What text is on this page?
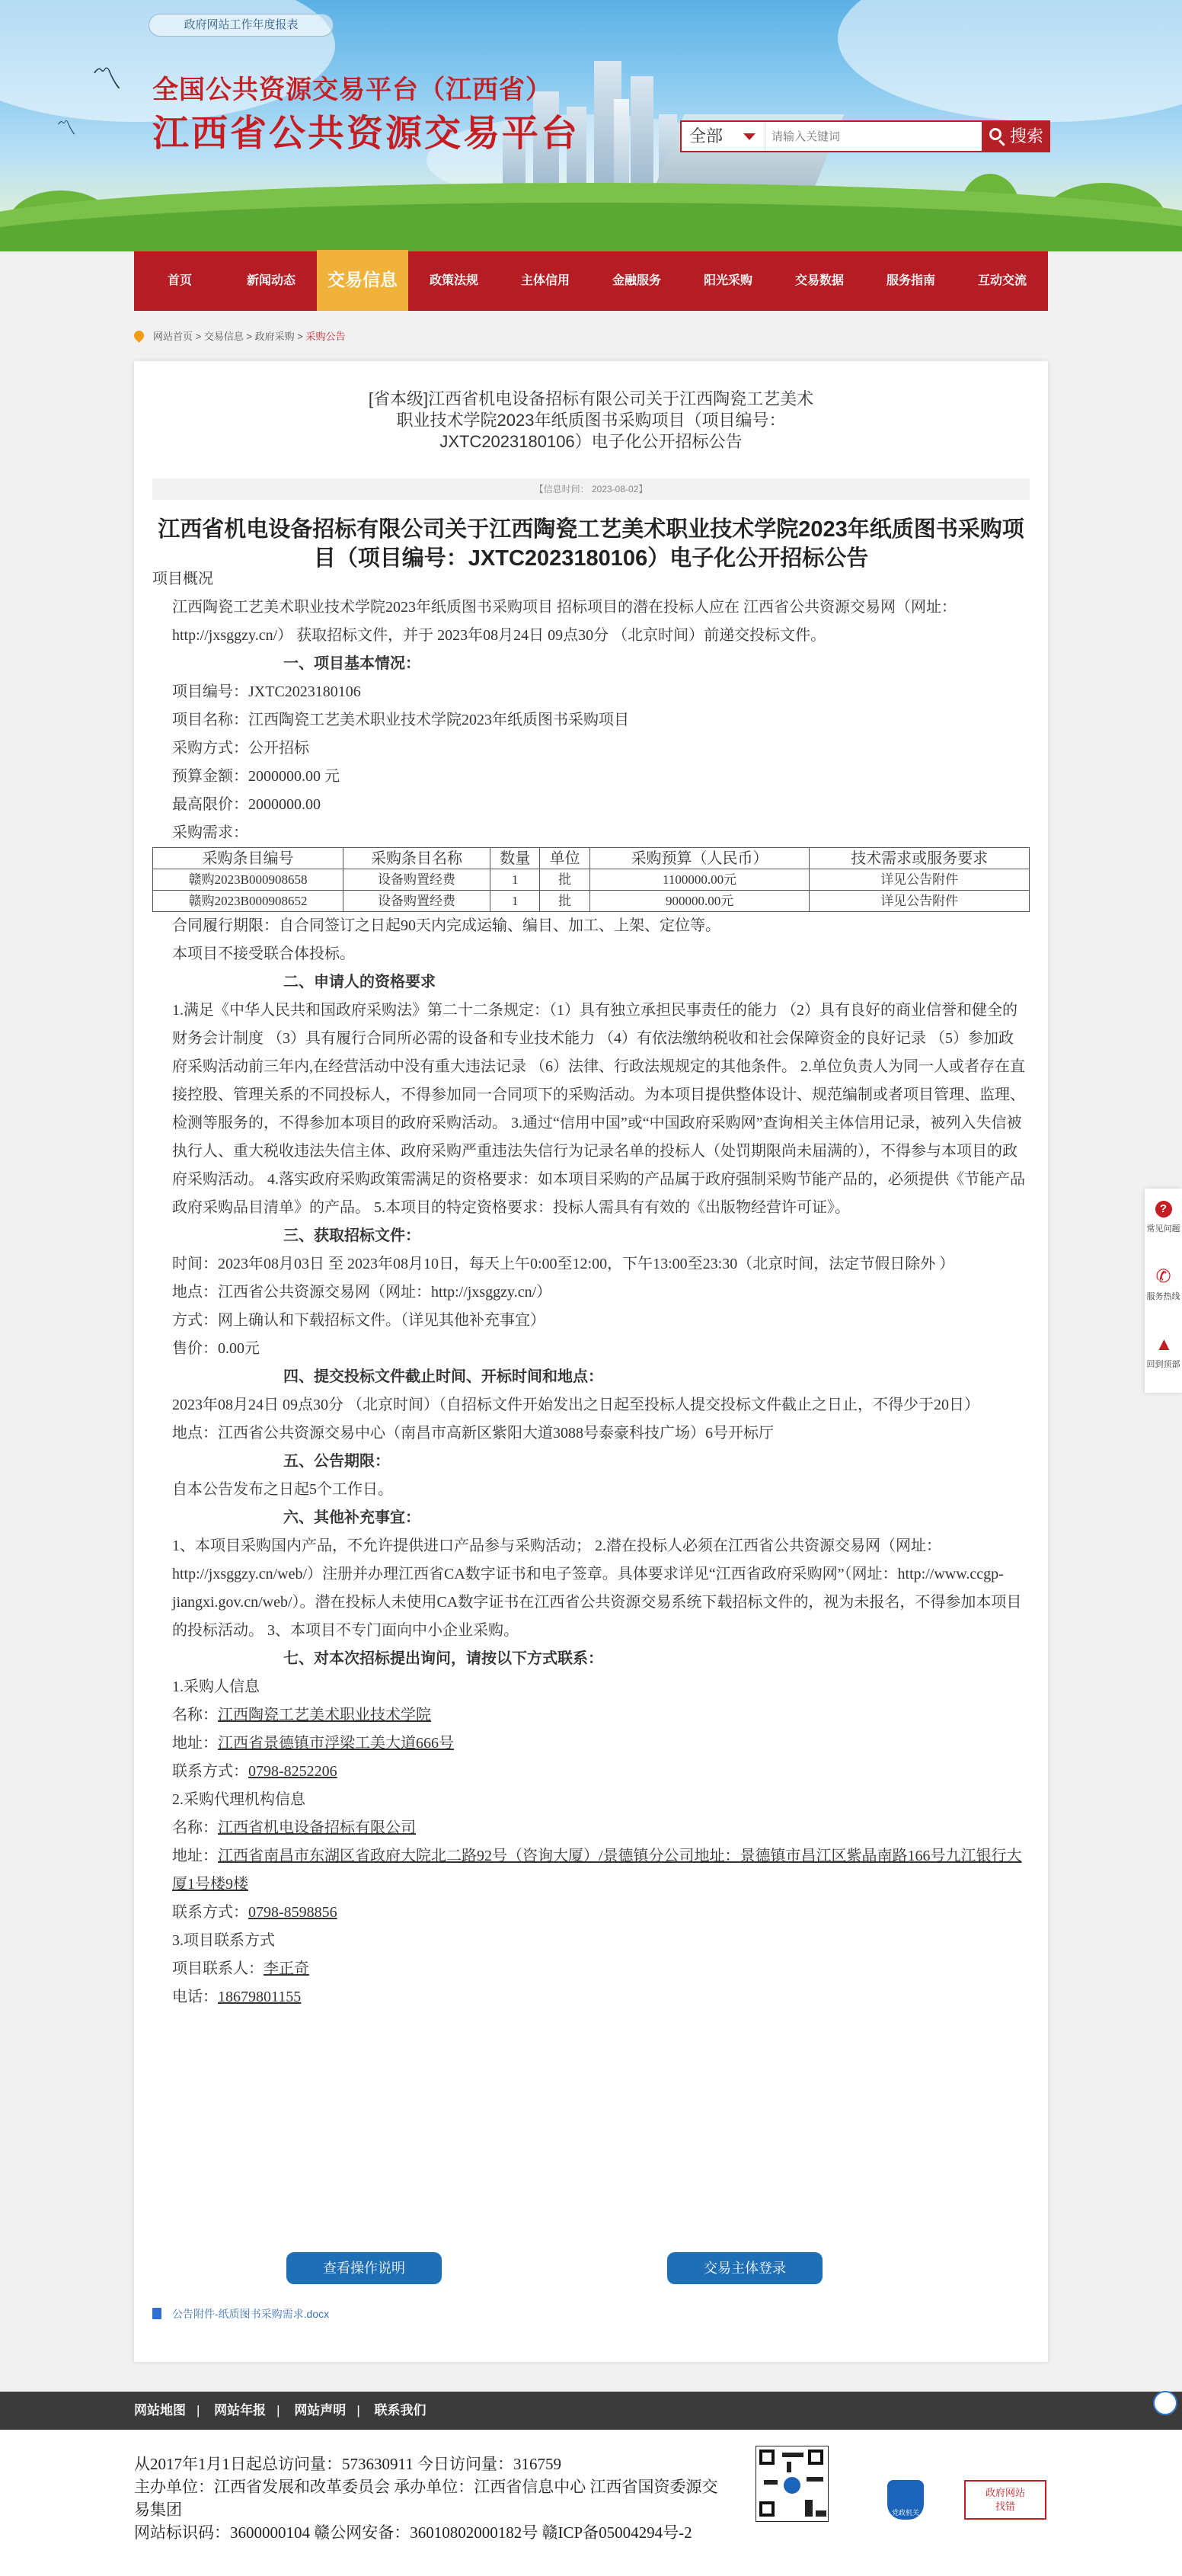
政府网站工作年度报表
〽
〽
全国公共资源交易平台（江西省）
江西省公共资源交易平台	全部
请输入关键词	搜索
首页	新闻动态	交易信息	政策法规	主体信用	金融服务	阳光采购	交易数据	服务指南	互动交流
网站首页 > 交易信息 > 政府采购 > 采购公告
[省本级]江西省机电设备招标有限公司关于江西陶瓷工艺美术职业技术学院2023年纸质图书采购项目（项目编号：JXTC2023180106）电子化公开招标公告
【信息时间： 2023-08-02】
江西省机电设备招标有限公司关于江西陶瓷工艺美术职业技术学院2023年纸质图书采购项目（项目编号：JXTC2023180106）电子化公开招标公告

项目概况

江西陶瓷工艺美术职业技术学院2023年纸质图书采购项目 招标项目的潜在投标人应在 江西省公共资源交易网（网址：http://jxsggzy.cn/） 获取招标文件，并于 2023年08月24日 09点30分 （北京时间）前递交投标文件。

一、项目基本情况：

项目编号：JXTC2023180106

项目名称：江西陶瓷工艺美术职业技术学院2023年纸质图书采购项目

采购方式：公开招标

预算金额：2000000.00 元

最高限价：2000000.00

采购需求：

采购条目编号	采购条目名称	数量	单位	采购预算（人民币）	技术需求或服务要求
赣购2023B000908658	设备购置经费	1	批	1100000.00元	详见公告附件
赣购2023B000908652	设备购置经费	1	批	900000.00元	详见公告附件

合同履行期限：自合同签订之日起90天内完成运输、编目、加工、上架、定位等。

本项目不接受联合体投标。

二、申请人的资格要求

1.满足《中华人民共和国政府采购法》第二十二条规定：（1）具有独立承担民事责任的能力 （2）具有良好的商业信誉和健全的财务会计制度 （3）具有履行合同所必需的设备和专业技术能力 （4）有依法缴纳税收和社会保障资金的良好记录 （5）参加政府采购活动前三年内,在经营活动中没有重大违法记录 （6）法律、行政法规规定的其他条件。 2.单位负责人为同一人或者存在直接控股、管理关系的不同投标人，不得参加同一合同项下的采购活动。为本项目提供整体设计、规范编制或者项目管理、监理、检测等服务的，不得参加本项目的政府采购活动。 3.通过“信用中国”或“中国政府采购网”查询相关主体信用记录，被列入失信被执行人、重大税收违法失信主体、政府采购严重违法失信行为记录名单的投标人（处罚期限尚未届满的），不得参与本项目的政府采购活动。 4.落实政府采购政策需满足的资格要求：如本项目采购的产品属于政府强制采购节能产品的，必须提供《节能产品政府采购品目清单》的产品。 5.本项目的特定资格要求：投标人需具有有效的《出版物经营许可证》。

三、获取招标文件：

时间：2023年08月03日 至 2023年08月10日，每天上午0:00至12:00，下午13:00至23:30（北京时间，法定节假日除外 ）

地点：江西省公共资源交易网（网址：http://jxsggzy.cn/）

方式：网上确认和下载招标文件。（详见其他补充事宜）

售价：0.00元

四、提交投标文件截止时间、开标时间和地点：

2023年08月24日 09点30分 （北京时间）（自招标文件开始发出之日起至投标人提交投标文件截止之日止，不得少于20日）

地点：江西省公共资源交易中心（南昌市高新区紫阳大道3088号泰豪科技广场）6号开标厅

五、公告期限：

自本公告发布之日起5个工作日。

六、其他补充事宜：

1、本项目采购国内产品，不允许提供进口产品参与采购活动； 2.潜在投标人必须在江西省公共资源交易网（网址：http://jxsggzy.cn/web/）注册并办理江西省CA数字证书和电子签章。具体要求详见“江西省政府采购网”（网址：http://www.ccgp-jiangxi.gov.cn/web/）。潜在投标人未使用CA数字证书在江西省公共资源交易系统下载招标文件的，视为未报名，不得参加本项目的投标活动。 3、本项目不专门面向中小企业采购。

七、对本次招标提出询问，请按以下方式联系：

1.采购人信息

名称：江西陶瓷工艺美术职业技术学院

地址：江西省景德镇市浮梁工美大道666号

联系方式：0798-8252206

2.采购代理机构信息

名称：江西省机电设备招标有限公司

地址：江西省南昌市东湖区省政府大院北二路92号（咨询大厦）/景德镇分公司地址：景德镇市昌江区紫晶南路166号九江银行大厦1号楼9楼

联系方式：0798-8598856

3.项目联系方式

项目联系人：李正奇

电话：18679801155

查看操作说明	交易主体登录
公告附件-纸质图书采购需求.docx
?
常见问题
✆
服务热线
▲
回到顶部
网站地图 | 网站年报 | 网站声明 | 联系我们
从2017年1月1日起总访问量：573630911 今日访问量：316759
主办单位：江西省发展和改革委员会 承办单位：江西省信息中心 江西省国资委源交
易集团
网站标识码：3600000104 赣公网安备：36010802000182号 赣ICP备05004294号-2
党政机关
政府网站
找错
